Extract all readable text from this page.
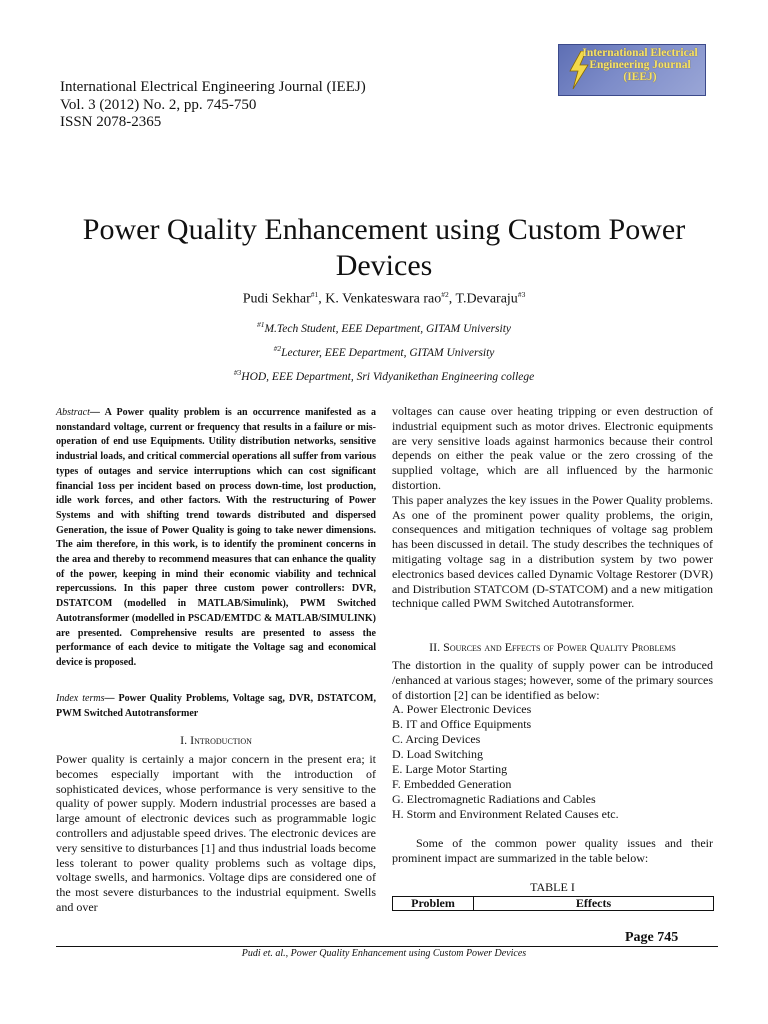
International Electrical Engineering Journal (IEEJ)
Vol. 3 (2012) No. 2, pp. 745-750
ISSN 2078-2365
International Electrical Engineering Journal (IEEJ)
Power Quality Enhancement using Custom Power Devices
Pudi Sekhar$^{\#1}$, K. Venkateswara rao$^{\#2}$, T.Devaraju$^{\#3}$
$^{\#1}$M.Tech Student, EEE Department, GITAM University
$^{\#2}$Lecturer, EEE Department, GITAM University
$^{\#3}$HOD, EEE Department, Sri Vidyanikethan Engineering college
Abstract— A Power quality problem is an occurrence manifested as a nonstandard voltage, current or frequency that results in a failure or mis-operation of end use Equipments. Utility distribution networks, sensitive industrial loads, and critical commercial operations all suffer from various types of outages and service interruptions which can cost significant financial 1oss per incident based on process down-time, lost production, idle work forces, and other factors. With the restructuring of Power Systems and with shifting trend towards distributed and dispersed Generation, the issue of Power Quality is going to take newer dimensions. The aim therefore, in this work, is to identify the prominent concerns in the area and thereby to recommend measures that can enhance the quality of the power, keeping in mind their economic viability and technical repercussions. In this paper three custom power controllers: DVR, DSTATCOM (modelled in MATLAB/Simulink), PWM Switched Autotransformer (modelled in PSCAD/EMTDC & MATLAB/SIMULINK) are presented. Comprehensive results are presented to assess the performance of each device to mitigate the Voltage sag and economical device is proposed.
Index terms— Power Quality Problems, Voltage sag, DVR, DSTATCOM, PWM Switched Autotransformer
I. Introduction
Power quality is certainly a major concern in the present era; it becomes especially important with the introduction of sophisticated devices, whose performance is very sensitive to the quality of power supply. Modern industrial processes are based a large amount of electronic devices such as programmable logic controllers and adjustable speed drives. The electronic devices are very sensitive to disturbances [1] and thus industrial loads become less tolerant to power quality problems such as voltage dips, voltage swells, and harmonics. Voltage dips are considered one of the most severe disturbances to the industrial equipment. Swells and over
voltages can cause over heating tripping or even destruction of industrial equipment such as motor drives. Electronic equipments are very sensitive loads against harmonics because their control depends on either the peak value or the zero crossing of the supplied voltage, which are all influenced by the harmonic distortion.
This paper analyzes the key issues in the Power Quality problems. As one of the prominent power quality problems, the origin, consequences and mitigation techniques of voltage sag problem has been discussed in detail. The study describes the techniques of mitigating voltage sag in a distribution system by two power electronics based devices called Dynamic Voltage Restorer (DVR) and Distribution STATCOM (D-STATCOM) and a new mitigation technique called PWM Switched Autotransformer.
II. Sources and Effects of Power Quality Problems
The distortion in the quality of supply power can be introduced /enhanced at various stages; however, some of the primary sources of distortion [2] can be identified as below:
A. Power Electronic Devices
B. IT and Office Equipments
C. Arcing Devices
D. Load Switching
E. Large Motor Starting
F. Embedded Generation
G. Electromagnetic Radiations and Cables
H. Storm and Environment Related Causes etc.
Some of the common power quality issues and their prominent impact are summarized in the table below:
TABLE I
Problem	Effects
Page 745
Pudi et. al., Power Quality Enhancement using Custom Power Devices
